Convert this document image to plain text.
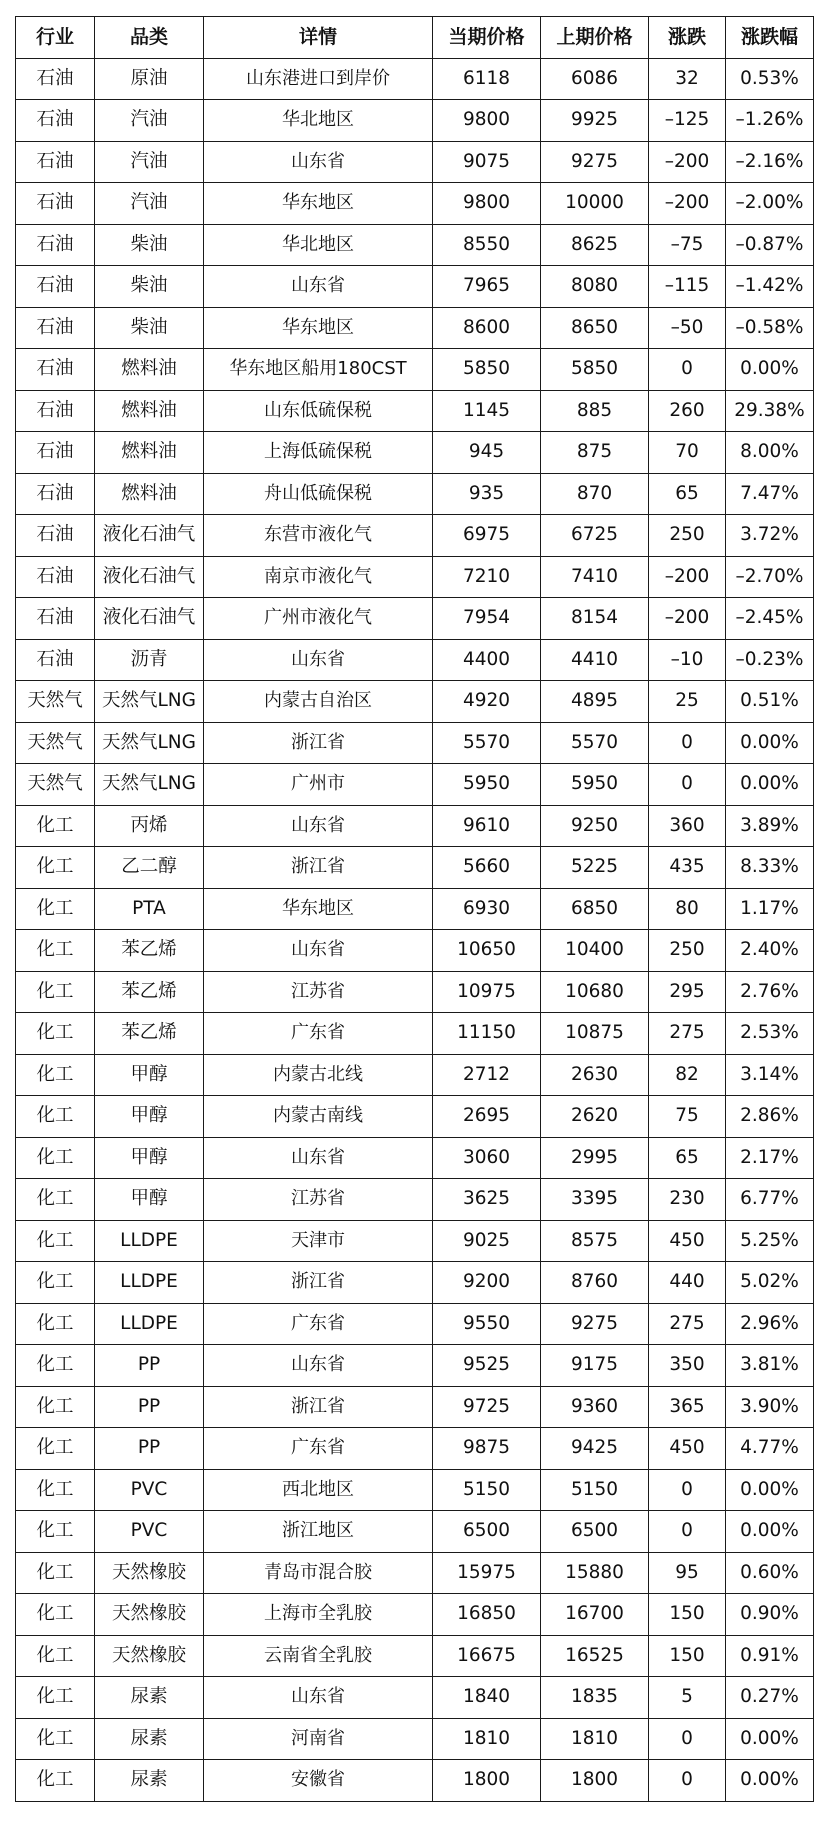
行业	品类	详情	当期价格	上期价格	涨跌	涨跌幅
石油	原油	山东港进口到岸价	6118	6086	32	0.53%
石油	汽油	华北地区	9800	9925	–125	–1.26%
石油	汽油	山东省	9075	9275	–200	–2.16%
石油	汽油	华东地区	9800	10000	–200	–2.00%
石油	柴油	华北地区	8550	8625	–75	–0.87%
石油	柴油	山东省	7965	8080	–115	–1.42%
石油	柴油	华东地区	8600	8650	–50	–0.58%
石油	燃料油	华东地区船用180CST	5850	5850	0	0.00%
石油	燃料油	山东低硫保税	1145	885	260	29.38%
石油	燃料油	上海低硫保税	945	875	70	8.00%
石油	燃料油	舟山低硫保税	935	870	65	7.47%
石油	液化石油气	东营市液化气	6975	6725	250	3.72%
石油	液化石油气	南京市液化气	7210	7410	–200	–2.70%
石油	液化石油气	广州市液化气	7954	8154	–200	–2.45%
石油	沥青	山东省	4400	4410	–10	–0.23%
天然气	天然气LNG	内蒙古自治区	4920	4895	25	0.51%
天然气	天然气LNG	浙江省	5570	5570	0	0.00%
天然气	天然气LNG	广州市	5950	5950	0	0.00%
化工	丙烯	山东省	9610	9250	360	3.89%
化工	乙二醇	浙江省	5660	5225	435	8.33%
化工	PTA	华东地区	6930	6850	80	1.17%
化工	苯乙烯	山东省	10650	10400	250	2.40%
化工	苯乙烯	江苏省	10975	10680	295	2.76%
化工	苯乙烯	广东省	11150	10875	275	2.53%
化工	甲醇	内蒙古北线	2712	2630	82	3.14%
化工	甲醇	内蒙古南线	2695	2620	75	2.86%
化工	甲醇	山东省	3060	2995	65	2.17%
化工	甲醇	江苏省	3625	3395	230	6.77%
化工	LLDPE	天津市	9025	8575	450	5.25%
化工	LLDPE	浙江省	9200	8760	440	5.02%
化工	LLDPE	广东省	9550	9275	275	2.96%
化工	PP	山东省	9525	9175	350	3.81%
化工	PP	浙江省	9725	9360	365	3.90%
化工	PP	广东省	9875	9425	450	4.77%
化工	PVC	西北地区	5150	5150	0	0.00%
化工	PVC	浙江地区	6500	6500	0	0.00%
化工	天然橡胶	青岛市混合胶	15975	15880	95	0.60%
化工	天然橡胶	上海市全乳胶	16850	16700	150	0.90%
化工	天然橡胶	云南省全乳胶	16675	16525	150	0.91%
化工	尿素	山东省	1840	1835	5	0.27%
化工	尿素	河南省	1810	1810	0	0.00%
化工	尿素	安徽省	1800	1800	0	0.00%
